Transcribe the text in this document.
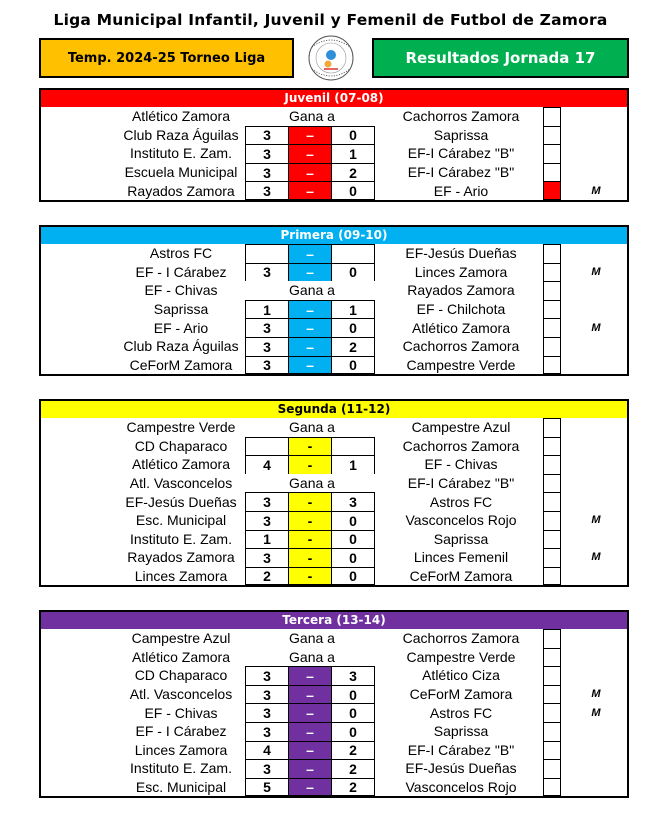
Liga Municipal Infantil, Juvenil y Femenil de Futbol de Zamora
Temp. 2024-25 Torneo Liga	Resultados Jornada 17
Juvenil (07-08)
Atlético Zamora	Gana a	Cachorros Zamora
Club Raza Águilas	3	–	0	Saprissa
Instituto E. Zam.	3	–	1	EF-I Cárabez "B"
Escuela Municipal	3	–	2	EF-I Cárabez "B"
Rayados Zamora	3	–	0	EF - Ario	M
Primera (09-10)
Astros FC	–	EF-Jesús Dueñas
EF - I Cárabez	3	–	0	Linces Zamora	M
EF - Chivas	Gana a	Rayados Zamora
Saprissa	1	–	1	EF - Chilchota
EF - Ario	3	–	0	Atlético Zamora	M
Club Raza Águilas	3	–	2	Cachorros Zamora
CeForM Zamora	3	–	0	Campestre Verde
Segunda (11-12)
Campestre Verde	Gana a	Campestre Azul
CD Chaparaco	-	Cachorros Zamora
Atlético Zamora	4	-	1	EF - Chivas
Atl. Vasconcelos	Gana a	EF-I Cárabez "B"
EF-Jesús Dueñas	3	-	3	Astros FC
Esc. Municipal	3	-	0	Vasconcelos Rojo	M
Instituto E. Zam.	1	-	0	Saprissa
Rayados Zamora	3	-	0	Linces Femenil	M
Linces Zamora	2	-	0	CeForM Zamora
Tercera (13-14)
Campestre Azul	Gana a	Cachorros Zamora
Atlético Zamora	Gana a	Campestre Verde
CD Chaparaco	3	–	3	Atlético Ciza
Atl. Vasconcelos	3	–	0	CeForM Zamora	M
EF - Chivas	3	–	0	Astros FC	M
EF - I Cárabez	3	–	0	Saprissa
Linces Zamora	4	–	2	EF-I Cárabez "B"
Instituto E. Zam.	3	–	2	EF-Jesús Dueñas
Esc. Municipal	5	–	2	Vasconcelos Rojo
